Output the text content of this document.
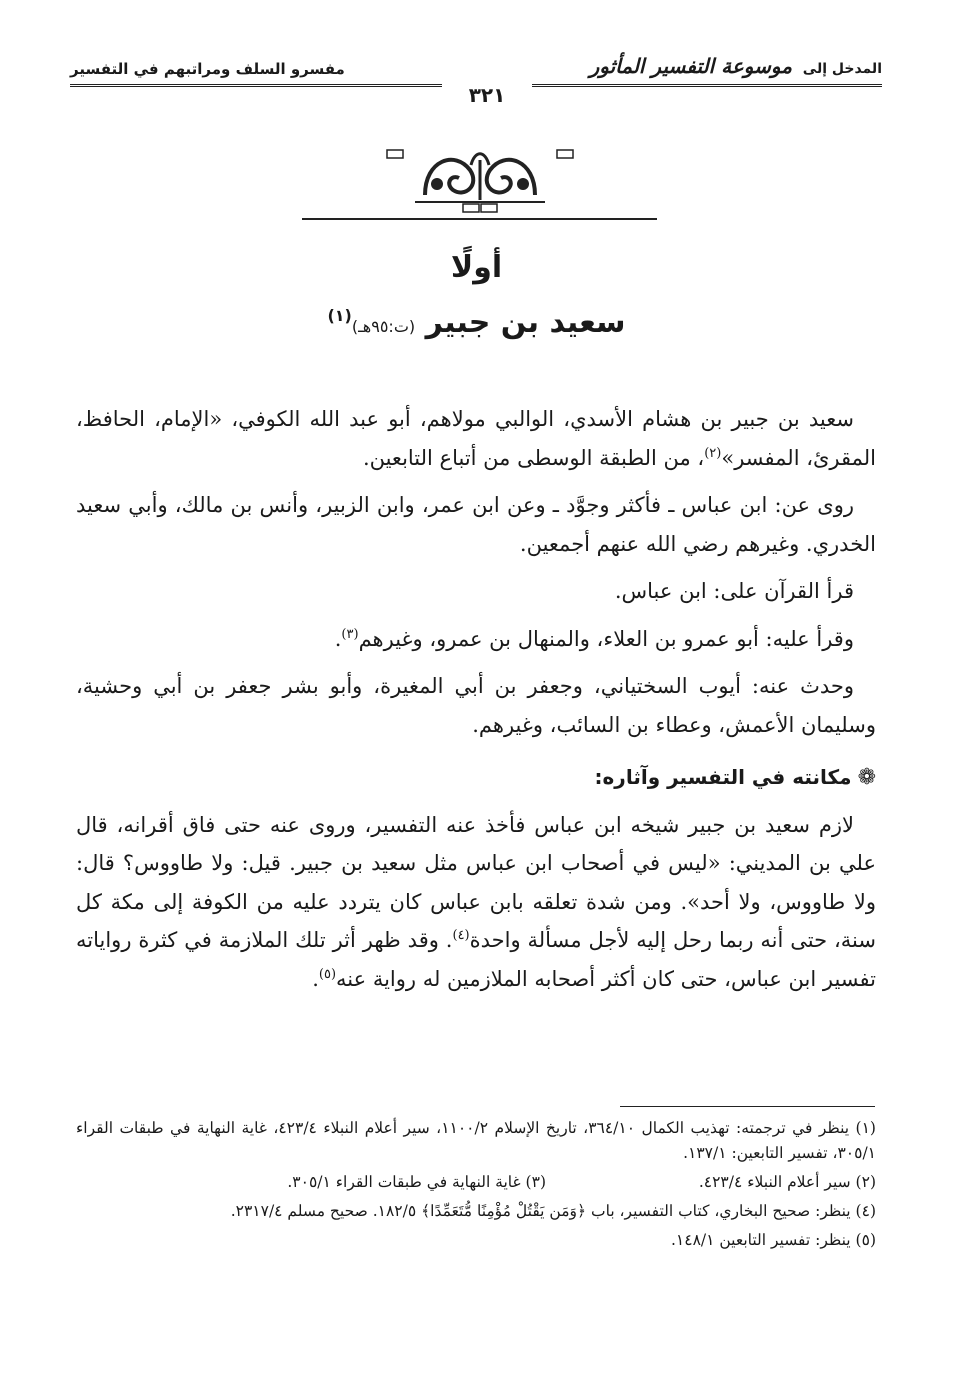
المدخل إلى موسوعة التفسير المأثور
مفسرو السلف ومراتبهم في التفسير
٣٢١
أولًا
سعيد بن جبير (ت:٩٥هـ)$^{(١)}$

سعيد بن جبير بن هشام الأسدي، الوالبي مولاهم، أبو عبد الله الكوفي، «الإمام، الحافظ، المقرئ، المفسر»$^{(٢)}$، من الطبقة الوسطى من أتباع التابعين.

روى عن: ابن عباس ـ فأكثر وجوَّد ـ وعن ابن عمر، وابن الزبير، وأنس بن مالك، وأبي سعيد الخدري. وغيرهم رضي الله عنهم أجمعين.

قرأ القرآن على: ابن عباس.

وقرأ عليه: أبو عمرو بن العلاء، والمنهال بن عمرو، وغيرهم$^{(٣)}$.

وحدث عنه: أيوب السختياني، وجعفر بن أبي المغيرة، وأبو بشر جعفر بن أبي وحشية، وسليمان الأعمش، وعطاء بن السائب، وغيرهم.

❁مكانته في التفسير وآثاره:

لازم سعيد بن جبير شيخه ابن عباس فأخذ عنه التفسير، وروى عنه حتى فاق أقرانه، قال علي بن المديني: «ليس في أصحاب ابن عباس مثل سعيد بن جبير. قيل: ولا طاووس؟ قال: ولا طاووس، ولا أحد». ومن شدة تعلقه بابن عباس كان يتردد عليه من الكوفة إلى مكة كل سنة، حتى أنه ربما رحل إليه لأجل مسألة واحدة$^{(٤)}$. وقد ظهر أثر تلك الملازمة في كثرة رواياته تفسير ابن عباس، حتى كان أكثر أصحابه الملازمين له رواية عنه$^{(٥)}$.

(١) ينظر في ترجمته: تهذيب الكمال ٣٦٤/١٠، تاريخ الإسلام ١١٠٠/٢، سير أعلام النبلاء ٤٢٣/٤، غاية النهاية في طبقات القراء ٣٠٥/١، تفسير التابعين: ١٣٧/١.

(٢) سير أعلام النبلاء ٤٢٣/٤.
(٣) غاية النهاية في طبقات القراء ٣٠٥/١.

(٤) ينظر: صحيح البخاري، كتاب التفسير، باب ﴿وَمَن يَقْتُلْ مُؤْمِنًا مُّتَعَمِّدًا﴾ ١٨٢/٥. صحيح مسلم ٢٣١٧/٤.

(٥) ينظر: تفسير التابعين ١٤٨/١.
